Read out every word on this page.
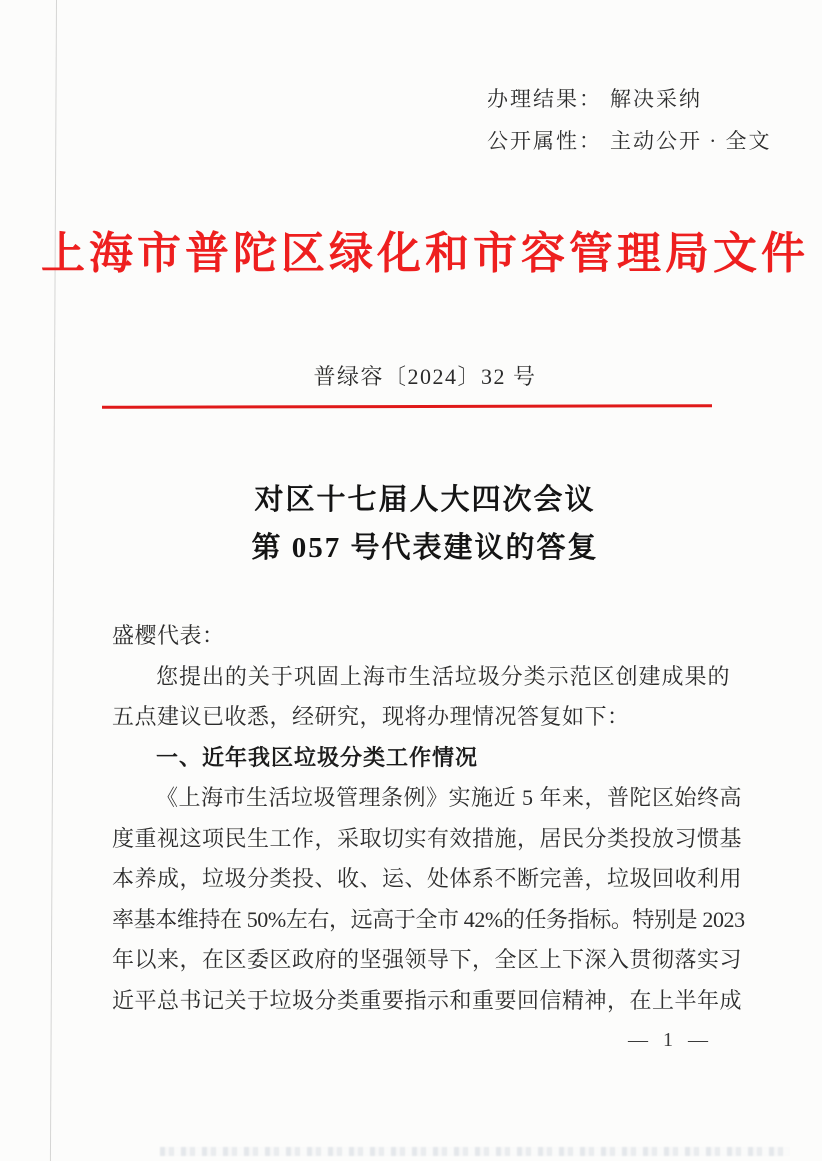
办理结果： 解决采纳
公开属性： 主动公开 · 全文
上海市普陀区绿化和市容管理局文件
普绿容〔2024〕32 号
对区十七届人大四次会议
第 057 号代表建议的答复
盛樱代表：
您提出的关于巩固上海市生活垃圾分类示范区创建成果的
五点建议已收悉，经研究，现将办理情况答复如下：
一、近年我区垃圾分类工作情况
《上海市生活垃圾管理条例》实施近 5 年来，普陀区始终高
度重视这项民生工作，采取切实有效措施，居民分类投放习惯基
本养成，垃圾分类投、收、运、处体系不断完善，垃圾回收利用
率基本维持在 50%左右，远高于全市 42%的任务指标。特别是 2023
年以来，在区委区政府的坚强领导下，全区上下深入贯彻落实习
近平总书记关于垃圾分类重要指示和重要回信精神，在上半年成
— 1 —
